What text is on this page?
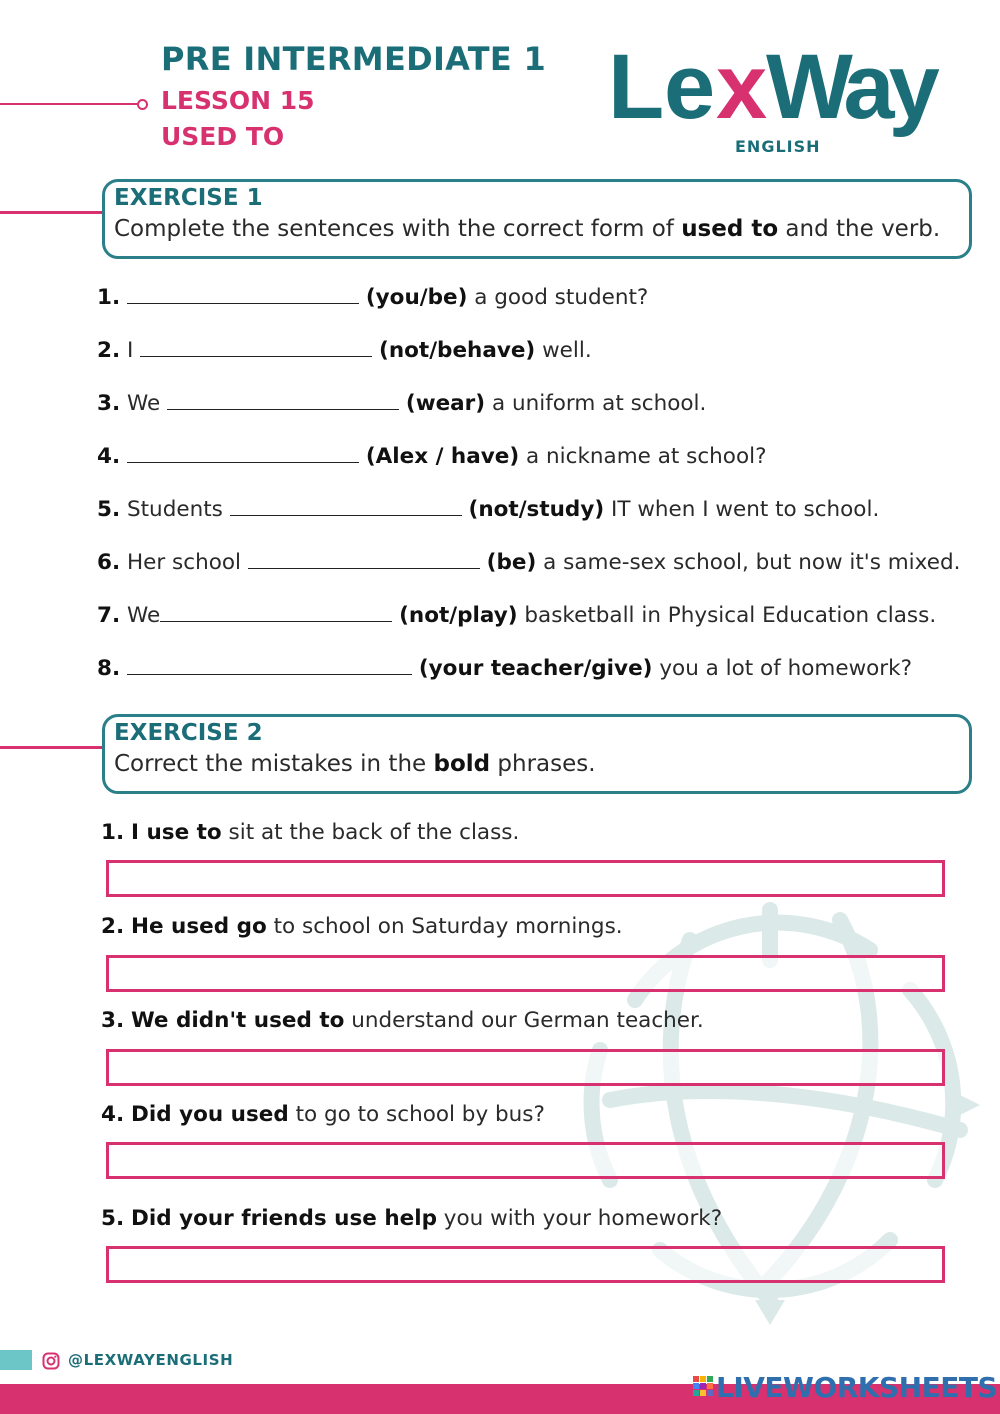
PRE INTERMEDIATE 1
LESSON 15
USED TO	L e x
Way
ENGLISH
EXERCISE 1
Complete the sentences with the correct form of used to and the verb.
1.	(you/be) a good student?
2. I	(not/behave) well.
3. We	(wear) a uniform at school.
4.	(Alex / have) a nickname at school?
5. Students	(not/study) IT when I went to school.
6. Her school	(be) a same-sex school, but now it's mixed.
7. We	(not/play) basketball in Physical Education class.
8.	(your teacher/give) you a lot of homework?
EXERCISE 2
Correct the mistakes in the bold phrases.
1. I use to sit at the back of the class.
2. He used go to school on Saturday mornings.
3. We didn't used to understand our German teacher.
4. Did you used to go to school by bus?
5. Did your friends use help you with your homework?
@LEXWAYENGLISH
LIVEWORKSHEETS
